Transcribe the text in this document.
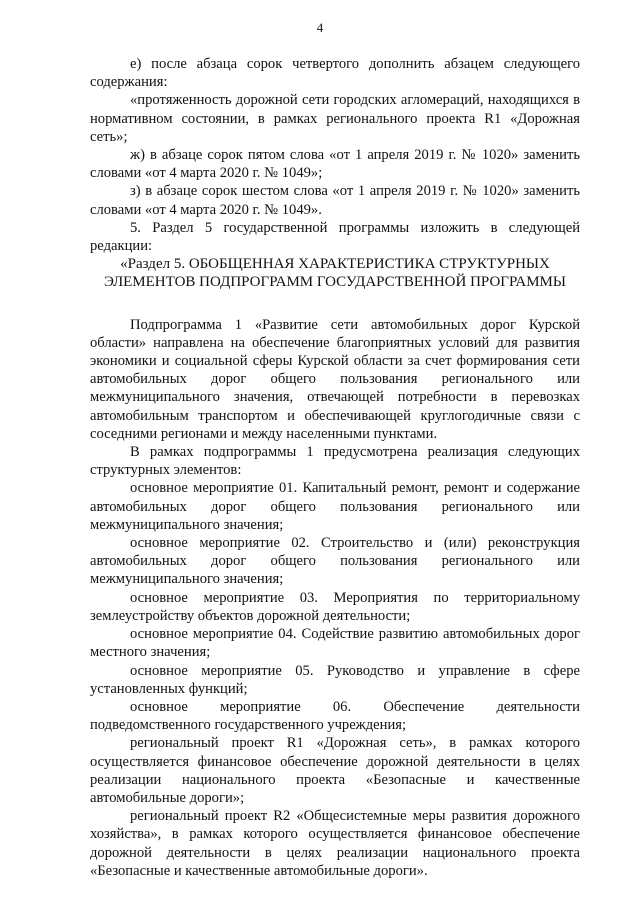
4

е) после абзаца сорок четвертого дополнить абзацем следующего содержания:

«протяженность дорожной сети городских агломераций, находящихся в нормативном состоянии, в рамках регионального проекта R1 «Дорожная сеть»;

ж) в абзаце сорок пятом слова «от 1 апреля 2019 г. № 1020» заменить словами «от 4 марта 2020 г. № 1049»;

з) в абзаце сорок шестом слова «от 1 апреля 2019 г. № 1020» заменить словами «от 4 марта 2020 г. № 1049».

5. Раздел 5 государственной программы изложить в следующей редакции:

«Раздел 5. ОБОБЩЕННАЯ ХАРАКТЕРИСТИКА СТРУКТУРНЫХ
ЭЛЕМЕНТОВ ПОДПРОГРАММ ГОСУДАРСТВЕННОЙ ПРОГРАММЫ

Подпрограмма 1 «Развитие сети автомобильных дорог Курской области» направлена на обеспечение благоприятных условий для развития экономики и социальной сферы Курской области за счет формирования сети автомобильных дорог общего пользования регионального или межмуниципального значения, отвечающей потребности в перевозках автомобильным транспортом и обеспечивающей круглогодичные связи с соседними регионами и между населенными пунктами.

В рамках подпрограммы 1 предусмотрена реализация следующих структурных элементов:

основное мероприятие 01. Капитальный ремонт, ремонт и содержание автомобильных дорог общего пользования регионального или межмуниципального значения;

основное мероприятие 02. Строительство и (или) реконструкция автомобильных дорог общего пользования регионального или межмуниципального значения;

основное мероприятие 03. Мероприятия по территориальному землеустройству объектов дорожной деятельности;

основное мероприятие 04. Содействие развитию автомобильных дорог местного значения;

основное мероприятие 05. Руководство и управление в сфере установленных функций;

основное мероприятие 06. Обеспечение деятельности подведомственного государственного учреждения;

региональный проект R1 «Дорожная сеть», в рамках которого осуществляется финансовое обеспечение дорожной деятельности в целях реализации национального проекта «Безопасные и качественные автомобильные дороги»;

региональный проект R2 «Общесистемные меры развития дорожного хозяйства», в рамках которого осуществляется финансовое обеспечение дорожной деятельности в целях реализации национального проекта «Безопасные и качественные автомобильные дороги».
